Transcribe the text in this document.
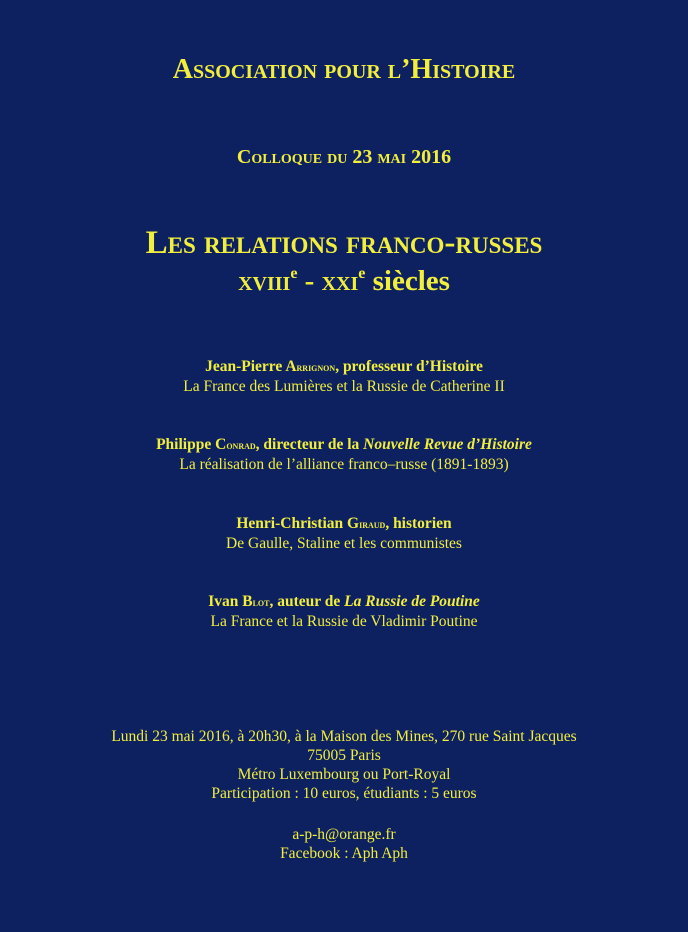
Association pour l’Histoire
Colloque du 23 mai 2016
Les relations franco-russes
xviii$^e$ - xxi$^e$ siècles
Jean-Pierre Arrignon, professeur d’Histoire
La France des Lumières et la Russie de Catherine II
Philippe Conrad, directeur de la Nouvelle Revue d’Histoire
La réalisation de l’alliance franco–russe (1891-1893)
Henri-Christian Giraud, historien
De Gaulle, Staline et les communistes
Ivan Blot, auteur de La Russie de Poutine
La France et la Russie de Vladimir Poutine
Lundi 23 mai 2016, à 20h30, à la Maison des Mines, 270 rue Saint Jacques
75005 Paris
Métro Luxembourg ou Port-Royal
Participation : 10 euros, étudiants : 5 euros
a-p-h@orange.fr
Facebook : Aph Aph
